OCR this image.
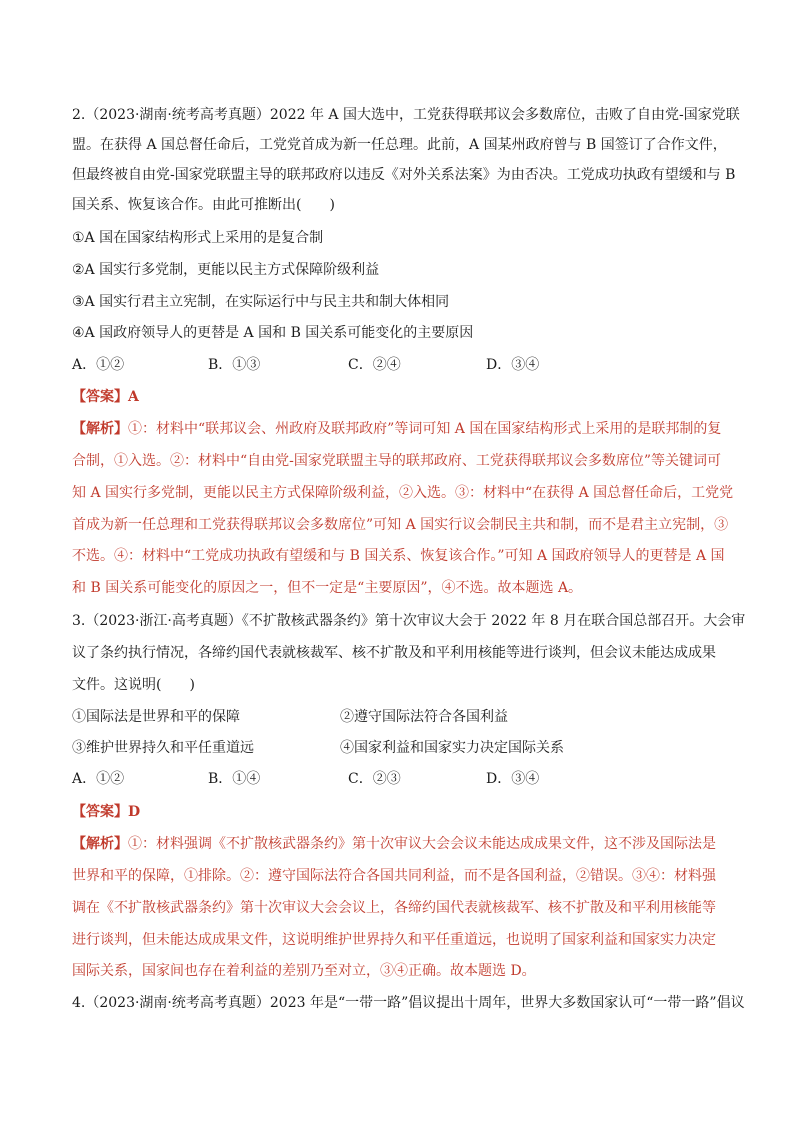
2.（2023·湖南·统考高考真题）2022 年 A 国大选中，工党获得联邦议会多数席位，击败了自由党-国家党联
盟。在获得 A 国总督任命后，工党党首成为新一任总理。此前，A 国某州政府曾与 B 国签订了合作文件，
但最终被自由党-国家党联盟主导的联邦政府以违反《对外关系法案》为由否决。工党成功执政有望缓和与 B
国关系、恢复该合作。由此可推断出(　　)
①A 国在国家结构形式上采用的是复合制
②A 国实行多党制，更能以民主方式保障阶级利益
③A 国实行君主立宪制，在实际运行中与民主共和制大体相同
④A 国政府领导人的更替是 A 国和 B 国关系可能变化的主要原因
A．①②	B．①③	C．②④	D．③④
【答案】A
【解析】①：材料中“联邦议会、州政府及联邦政府”等词可知 A 国在国家结构形式上采用的是联邦制的复
合制，①入选。②：材料中“自由党-国家党联盟主导的联邦政府、工党获得联邦议会多数席位”等关键词可
知 A 国实行多党制，更能以民主方式保障阶级利益，②入选。③：材料中“在获得 A 国总督任命后，工党党
首成为新一任总理和工党获得联邦议会多数席位”可知 A 国实行议会制民主共和制，而不是君主立宪制，③
不选。④：材料中“工党成功执政有望缓和与 B 国关系、恢复该合作。”可知 A 国政府领导人的更替是 A 国
和 B 国关系可能变化的原因之一，但不一定是“主要原因”，④不选。故本题选 A。
3.（2023·浙江·高考真题）《不扩散核武器条约》第十次审议大会于 2022 年 8 月在联合国总部召开。大会审
议了条约执行情况，各缔约国代表就核裁军、核不扩散及和平利用核能等进行谈判，但会议未能达成成果
文件。这说明(　　)
①国际法是世界和平的保障	②遵守国际法符合各国利益
③维护世界持久和平任重道远	④国家利益和国家实力决定国际关系
A．①②	B．①④	C．②③	D．③④
【答案】D
【解析】①：材料强调《不扩散核武器条约》第十次审议大会会议未能达成成果文件，这不涉及国际法是
世界和平的保障，①排除。②：遵守国际法符合各国共同利益，而不是各国利益，②错误。③④：材料强
调在《不扩散核武器条约》第十次审议大会会议上，各缔约国代表就核裁军、核不扩散及和平利用核能等
进行谈判，但未能达成成果文件，这说明维护世界持久和平任重道远，也说明了国家利益和国家实力决定
国际关系，国家间也存在着利益的差别乃至对立，③④正确。故本题选 D。
4.（2023·湖南·统考高考真题）2023 年是“一带一路”倡议提出十周年，世界大多数国家认可“一带一路”倡议
